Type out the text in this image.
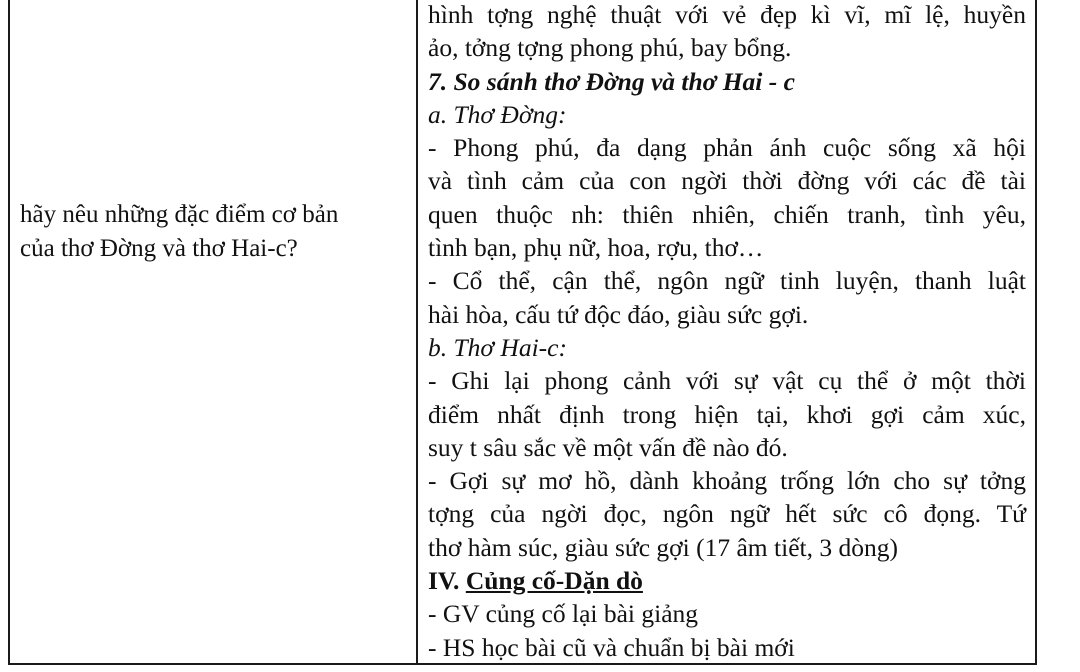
hãy nêu những đặc điểm cơ bản
của thơ Đờng và thơ Hai-c?
hình tợng nghệ thuật với vẻ đẹp kì vĩ, mĩ lệ, huyền
ảo, tởng tợng phong phú, bay bổng.
7. So sánh thơ Đờng và thơ Hai - c
a. Thơ Đờng:
- Phong phú, đa dạng phản ánh cuộc sống xã hội
và tình cảm của con ngời thời đờng với các đề tài
quen thuộc nh: thiên nhiên, chiến tranh, tình yêu,
tình bạn, phụ nữ, hoa, rợu, thơ…
- Cổ thể, cận thể, ngôn ngữ tinh luyện, thanh luật
hài hòa, cấu tứ độc đáo, giàu sức gợi.
b. Thơ Hai-c:
- Ghi lại phong cảnh với sự vật cụ thể ở một thời
điểm nhất định trong hiện tại, khơi gợi cảm xúc,
suy t sâu sắc về một vấn đề nào đó.
- Gợi sự mơ hồ, dành khoảng trống lớn cho sự tởng
tợng của ngời đọc, ngôn ngữ hết sức cô đọng. Tứ
thơ hàm súc, giàu sức gợi (17 âm tiết, 3 dòng)
IV. Củng cố-Dặn dò
- GV củng cố lại bài giảng
- HS học bài cũ và chuẩn bị bài mới
